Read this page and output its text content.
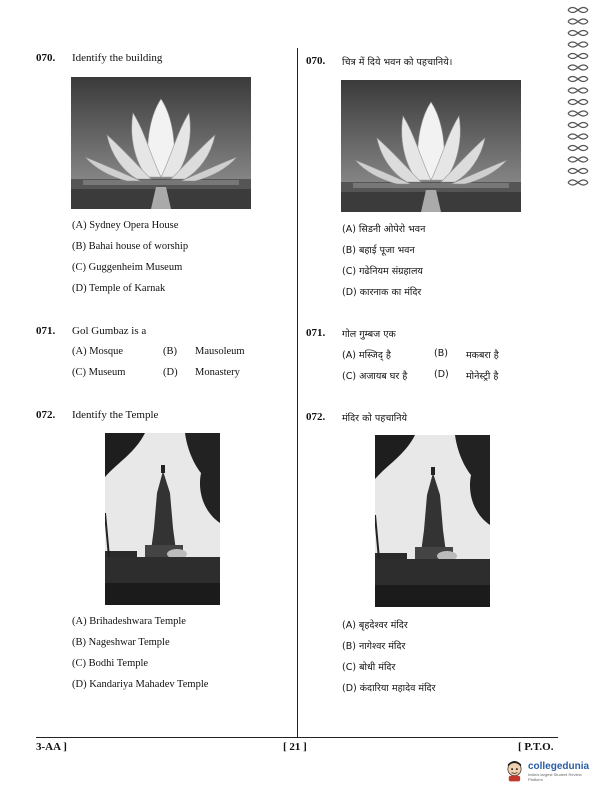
070. Identify the building
(A) Sydney Opera House
(B) Bahai house of worship
(C) Guggenheim Museum
(D) Temple of Karnak
071. Gol Gumbaz is a
(A) Mosque	(B) Mausoleum
(C) Museum	(D) Monastery
072. Identify the Temple
(A) Brihadeshwara Temple
(B) Nageshwar Temple
(C) Bodhi Temple
(D) Kandariya Mahadev Temple
070. चित्र में दिये भवन को पहचानिये।
(A) सिडनी ओपेरो भवन
(B) बहाई पूजा भवन
(C) गढेनियम संग्रहालय
(D) कारनाक का मंदिर
071. गोल गुम्बज एक
(A) मस्जिद् है	(B) मकबरा है
(C) अजायब घर है	(D) मोनेस्ट्री है
072. मंदिर को पहचानिये
(A) बृहदेश्वर मंदिर
(B) नागेश्वर मंदिर
(C) बोधी मंदिर
(D) कंदारिया महादेव मंदिर
3-AA ]	[ 21 ]	[ P.T.O.
collegedunia
India's largest Student Review Platform
